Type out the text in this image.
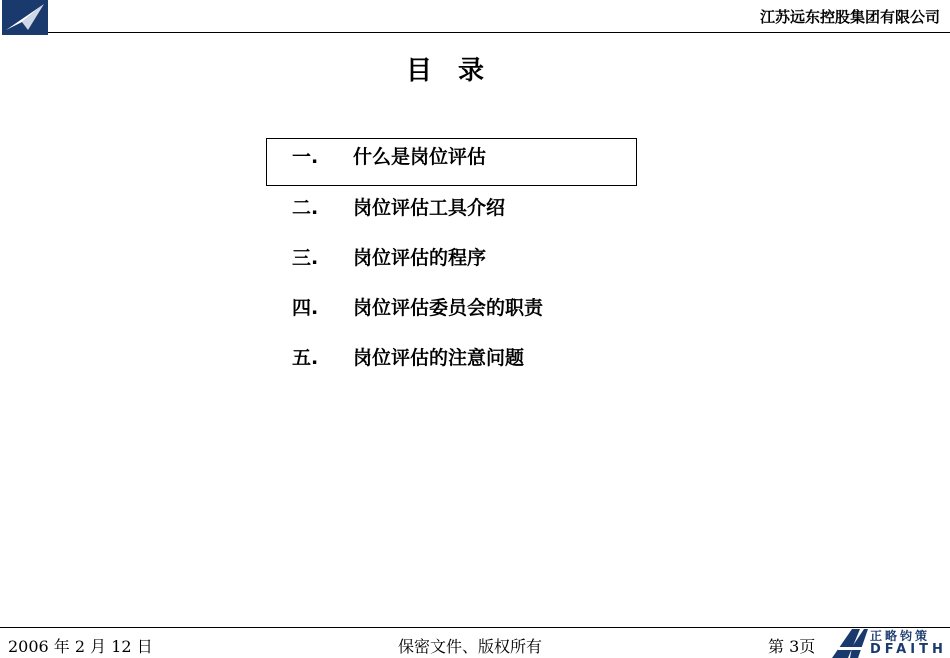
江苏远东控股集团有限公司
目　录
一. 什么是岗位评估
二. 岗位评估工具介绍
三. 岗位评估的程序
四. 岗位评估委员会的职责
五. 岗位评估的注意问题
2006 年 2 月 12 日	保密文件、版权所有	第 3页
正略钧策
DFAITH
